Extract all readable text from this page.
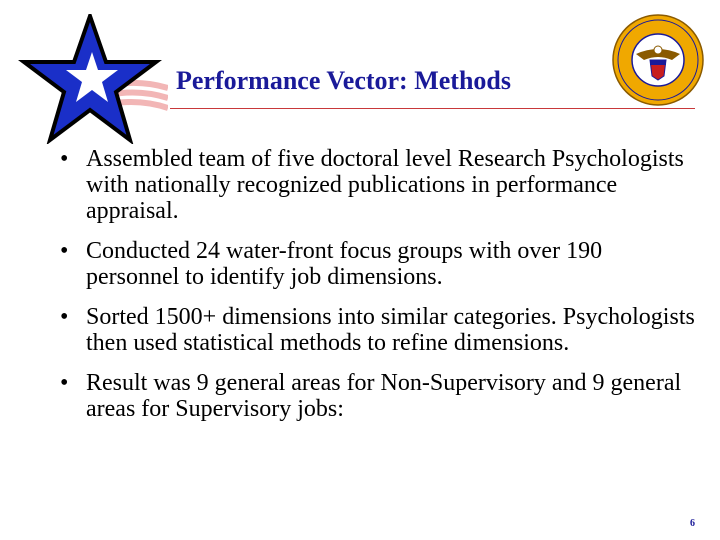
Performance Vector: Methods
• Assembled team of five doctoral level Research Psychologists with nationally recognized publications in performance appraisal.
• Conducted 24 water-front focus groups with over 190 personnel to identify job dimensions.
• Sorted 1500+ dimensions into similar categories. Psychologists then used statistical methods to refine dimensions.
• Result was 9 general areas for Non-Supervisory and 9 general areas for Supervisory jobs:
6
